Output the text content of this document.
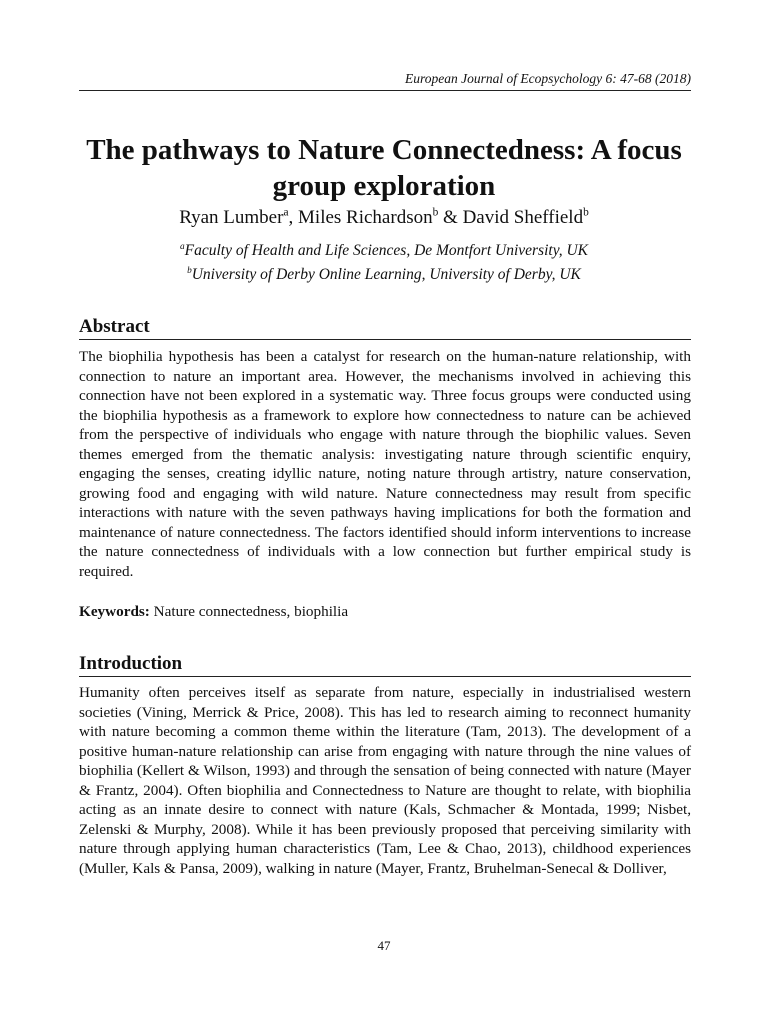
European Journal of Ecopsychology 6: 47-68 (2018)
The pathways to Nature Connectedness: A focus group exploration
Ryan Lumber$^a$, Miles Richardson$^b$ & David Sheffield$^b$
$^a$Faculty of Health and Life Sciences, De Montfort University, UK
$^b$University of Derby Online Learning, University of Derby, UK
Abstract
The biophilia hypothesis has been a catalyst for research on the human-nature relationship, with connection to nature an important area. However, the mechanisms involved in achieving this connection have not been explored in a systematic way. Three focus groups were conducted using the biophilia hypothesis as a framework to explore how connectedness to nature can be achieved from the perspective of individuals who engage with nature through the biophilic values. Seven themes emerged from the thematic analysis: investigating nature through scientific enquiry, engaging the senses, creating idyllic nature, noting nature through artistry, nature conservation, growing food and engaging with wild nature. Nature connectedness may result from specific interactions with nature with the seven pathways having implications for both the formation and maintenance of nature connectedness. The factors identified should inform interventions to increase the nature connectedness of individuals with a low connection but further empirical study is required.
Keywords: Nature connectedness, biophilia
Introduction
Humanity often perceives itself as separate from nature, especially in industrialised western societies (Vining, Merrick & Price, 2008). This has led to research aiming to reconnect humanity with nature becoming a common theme within the literature (Tam, 2013). The development of a positive human-nature relationship can arise from engaging with nature through the nine values of biophilia (Kellert & Wilson, 1993) and through the sensation of being connected with nature (Mayer & Frantz, 2004). Often biophilia and Connectedness to Nature are thought to relate, with biophilia acting as an innate desire to connect with nature (Kals, Schmacher & Montada, 1999; Nisbet, Zelenski & Murphy, 2008). While it has been previously proposed that perceiving similarity with nature through applying human characteristics (Tam, Lee & Chao, 2013), childhood experiences (Muller, Kals & Pansa, 2009), walking in nature (Mayer, Frantz, Bruhelman-Senecal & Dolliver,
47
